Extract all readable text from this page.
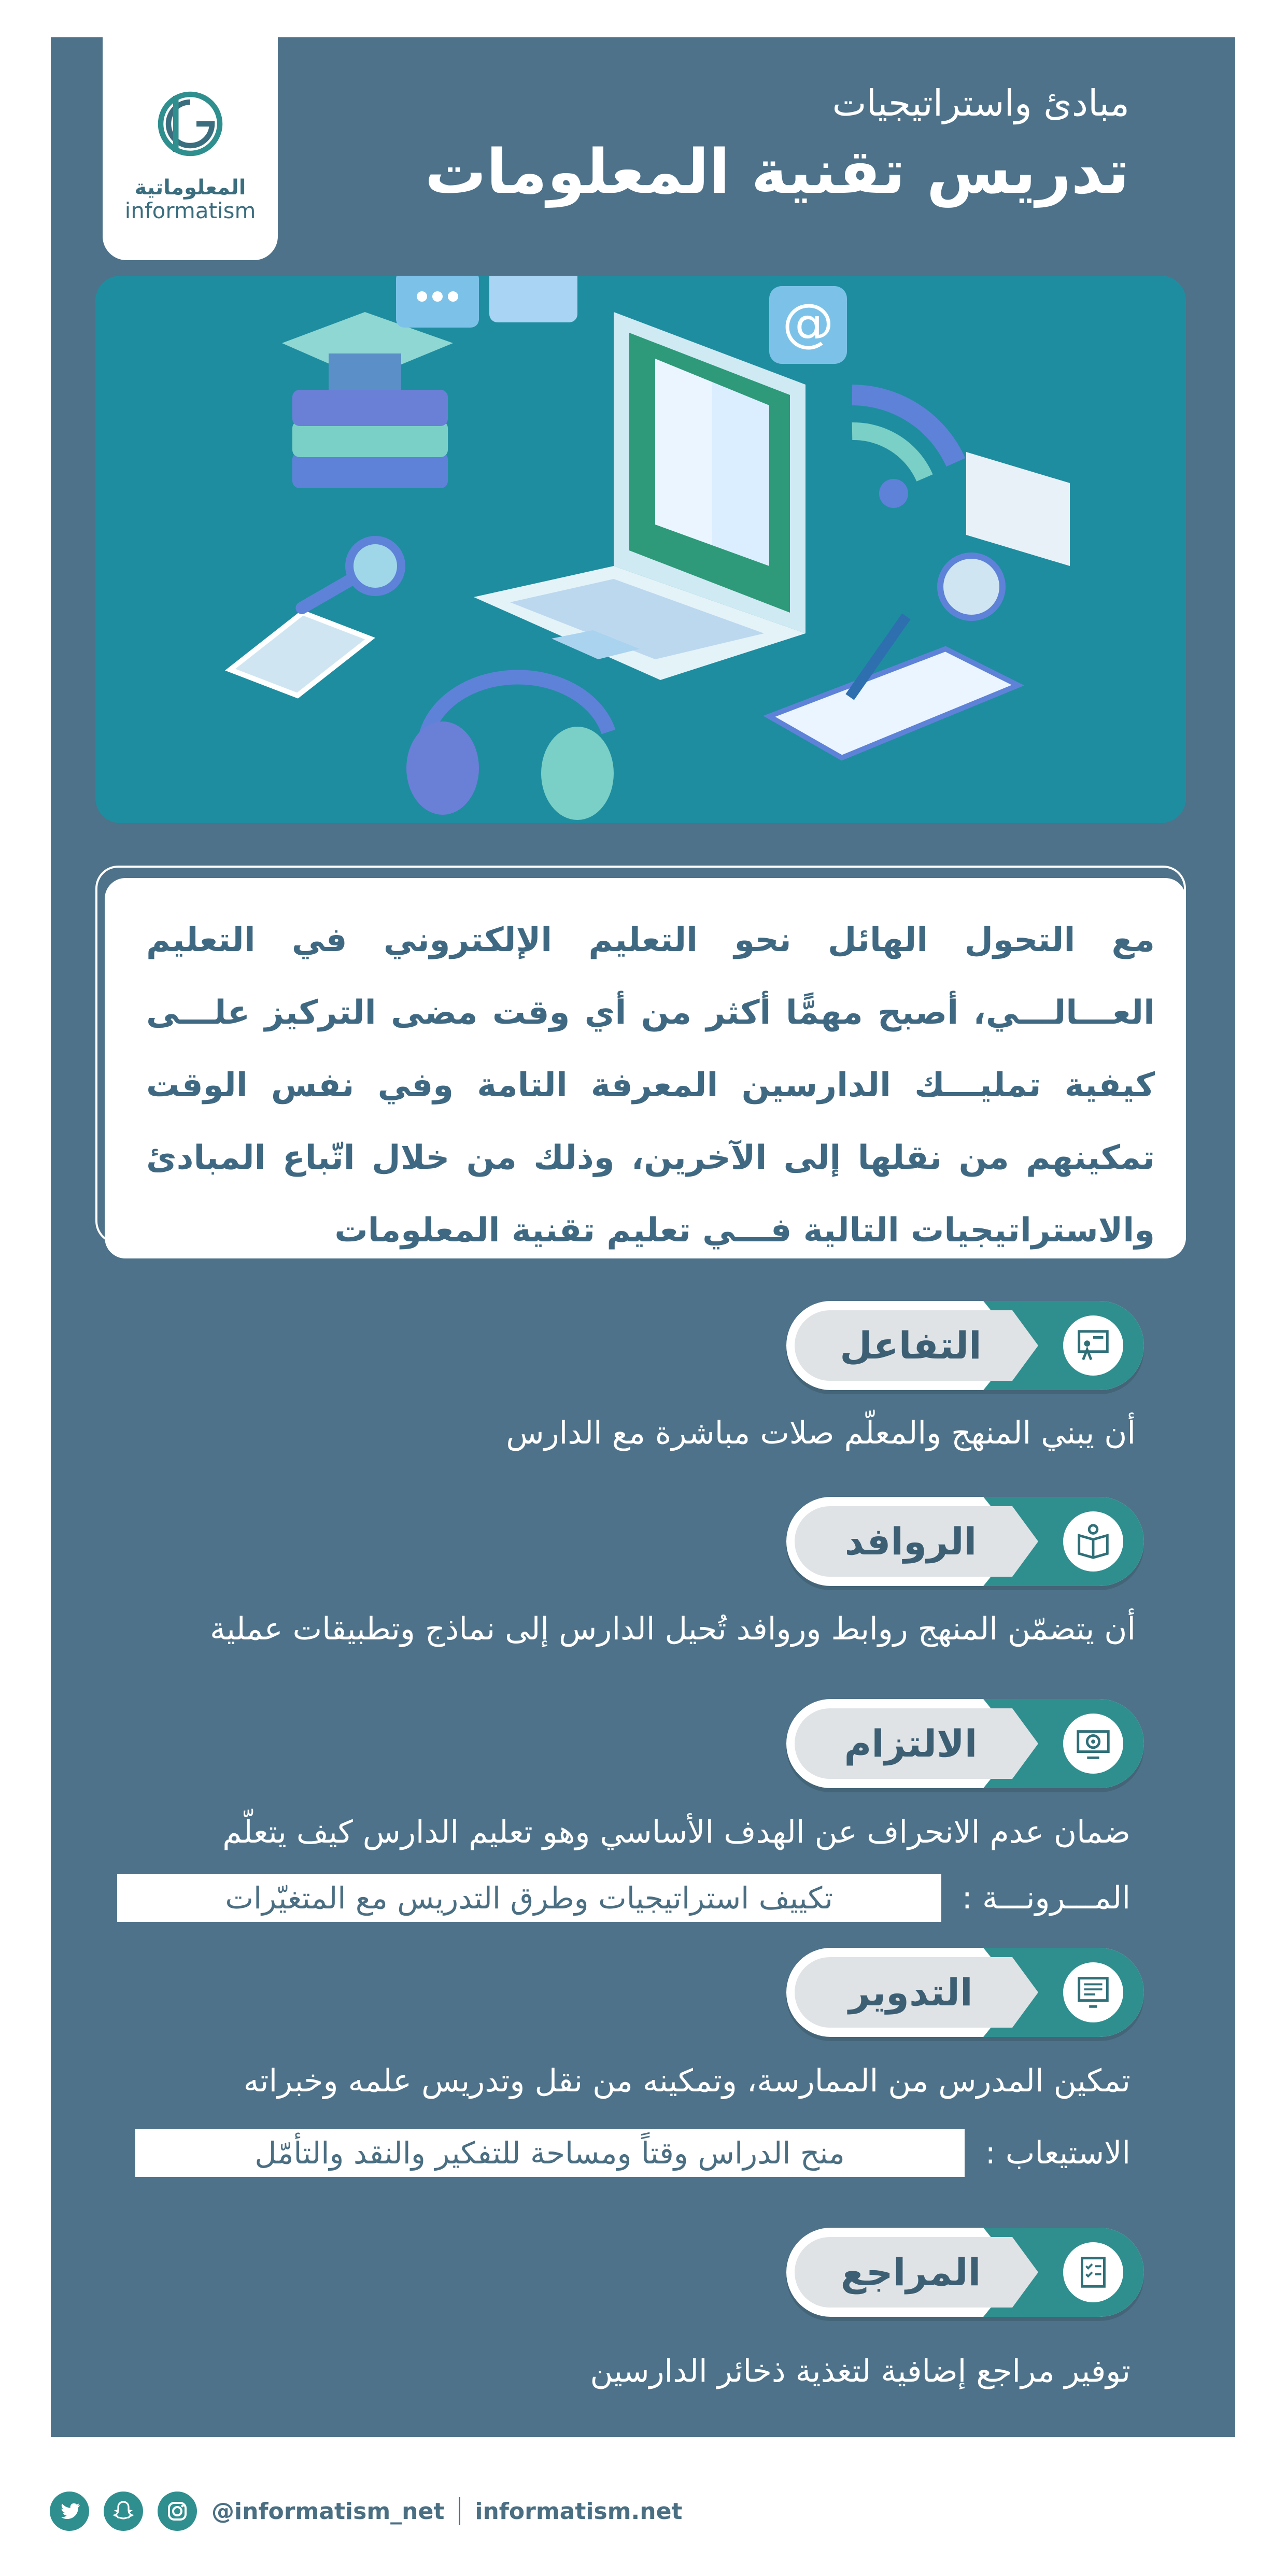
المعلوماتية
informatism
مبادئ واستراتيجيات
تدريس تقنية المعلومات
@

مع التحول الهائل نحو التعليم الإلكتروني في التعليم العـــالـــي، أصبح مهمًّا أكثر من أي وقت مضى التركيز علـــى كيفية تمليـــك الدارسين المعرفة التامة وفي نفس الوقت تمكينهم من نقلها إلى الآخرين، وذلك من خلال اتّباع المبادئ والاستراتيجيات التالية فـــي تعليم تقنية المعلومات

التفاعل
أن يبني المنهج والمعلّم صلات مباشرة مع الدارس
الروافد
أن يتضمّن المنهج روابط وروافد تُحيل الدارس إلى نماذج وتطبيقات عملية
الالتزام
ضمان عدم الانحراف عن الهدف الأساسي وهو تعليم الدارس كيف يتعلّم
المـــرونـــة :
تكييف استراتيجيات وطرق التدريس مع المتغيّرات
التدوير
تمكين المدرس من الممارسة، وتمكينه من نقل وتدريس علمه وخبراته
الاستيعاب :
منح الدراس وقتاً ومساحة للتفكير والنقد والتأمّل
المراجع
توفير مراجع إضافية لتغذية ذخائر الدارسين
@informatism_net informatism.net
